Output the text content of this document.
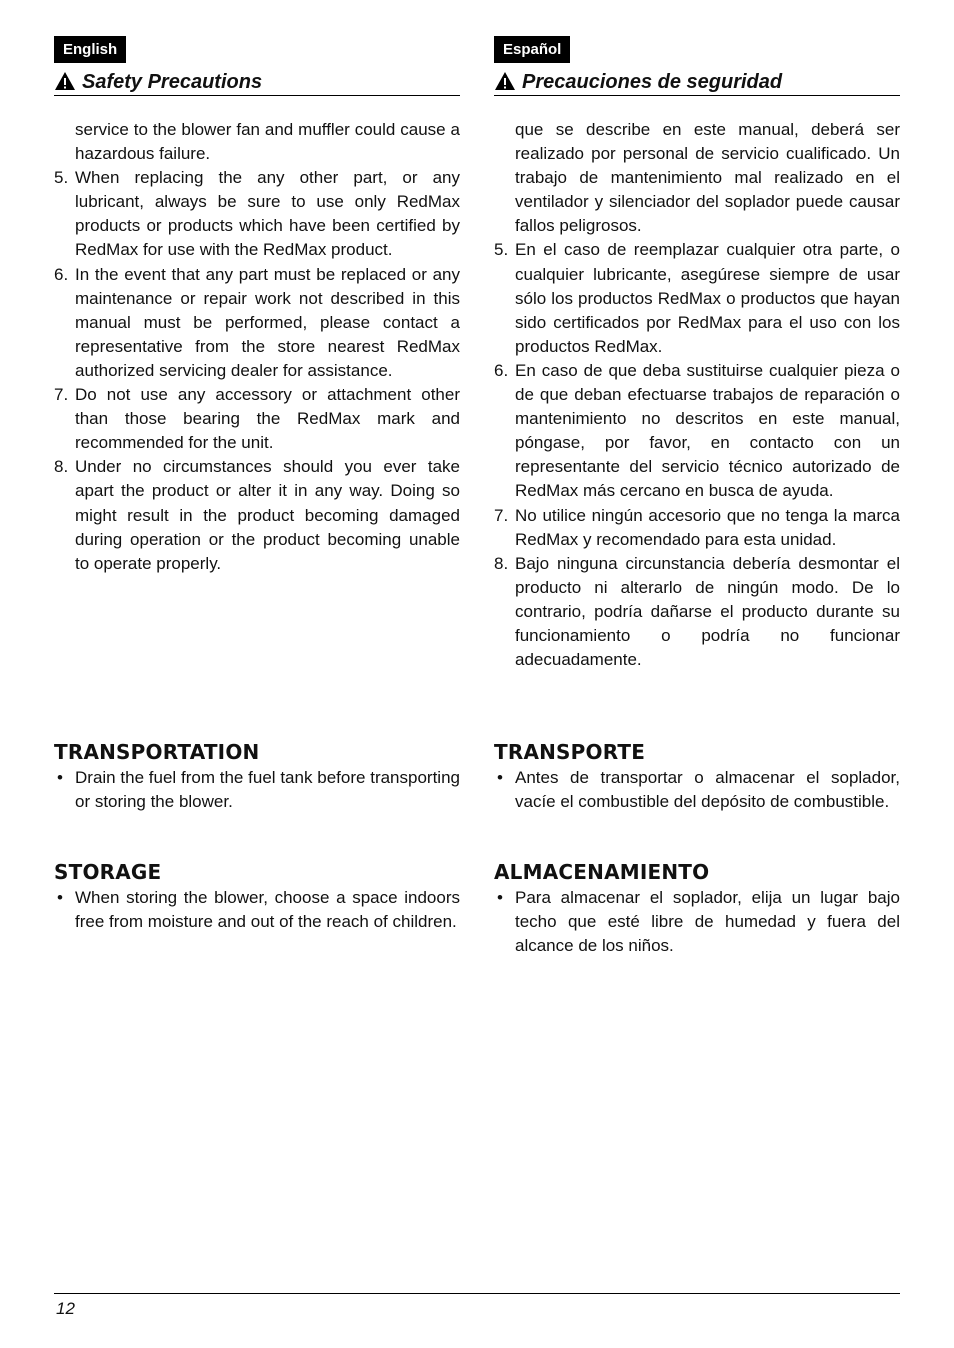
English
Safety Precautions
service to the blower fan and muffler could cause a hazardous failure.
5. When replacing the any other part, or any lubricant, always be sure to use only RedMax products or products which have been certified by RedMax for use with the RedMax product.
6. In the event that any part must be replaced or any maintenance or repair work not described in this manual must be performed, please contact a representative from the store nearest RedMax authorized servicing dealer for assistance.
7. Do not use any accessory or attachment other than those bearing the RedMax mark and recommended for the unit.
8. Under no circumstances should you ever take apart the product or alter it in any way. Doing so might result in the product becoming damaged during operation or the product becoming unable to operate properly.
TRANSPORTATION
• Drain the fuel from the fuel tank before transporting or storing the blower.
STORAGE
• When storing the blower, choose a space indoors free from moisture and out of the reach of children.
Español
Precauciones de seguridad
que se describe en este manual, deberá ser realizado por personal de servicio cualificado. Un trabajo de mantenimiento mal realizado en el ventilador y silenciador del soplador puede causar fallos peligrosos.
5. En el caso de reemplazar cualquier otra parte, o cualquier lubricante, asegúrese siempre de usar sólo los productos RedMax o productos que hayan sido certificados por RedMax para el uso con los productos RedMax.
6. En caso de que deba sustituirse cualquier pieza o de que deban efectuarse trabajos de reparación o mantenimiento no descritos en este manual, póngase, por favor, en contacto con un representante del servicio técnico autorizado de RedMax más cercano en busca de ayuda.
7. No utilice ningún accesorio que no tenga la marca RedMax y recomendado para esta unidad.
8. Bajo ninguna circunstancia debería desmontar el producto ni alterarlo de ningún modo. De lo contrario, podría dañarse el producto durante su funcionamiento o podría no funcionar adecuadamente.
TRANSPORTE
• Antes de transportar o almacenar el soplador, vacíe el combustible del depósito de combustible.
ALMACENAMIENTO
• Para almacenar el soplador, elija un lugar bajo techo que esté libre de humedad y fuera del alcance de los niños.
12
